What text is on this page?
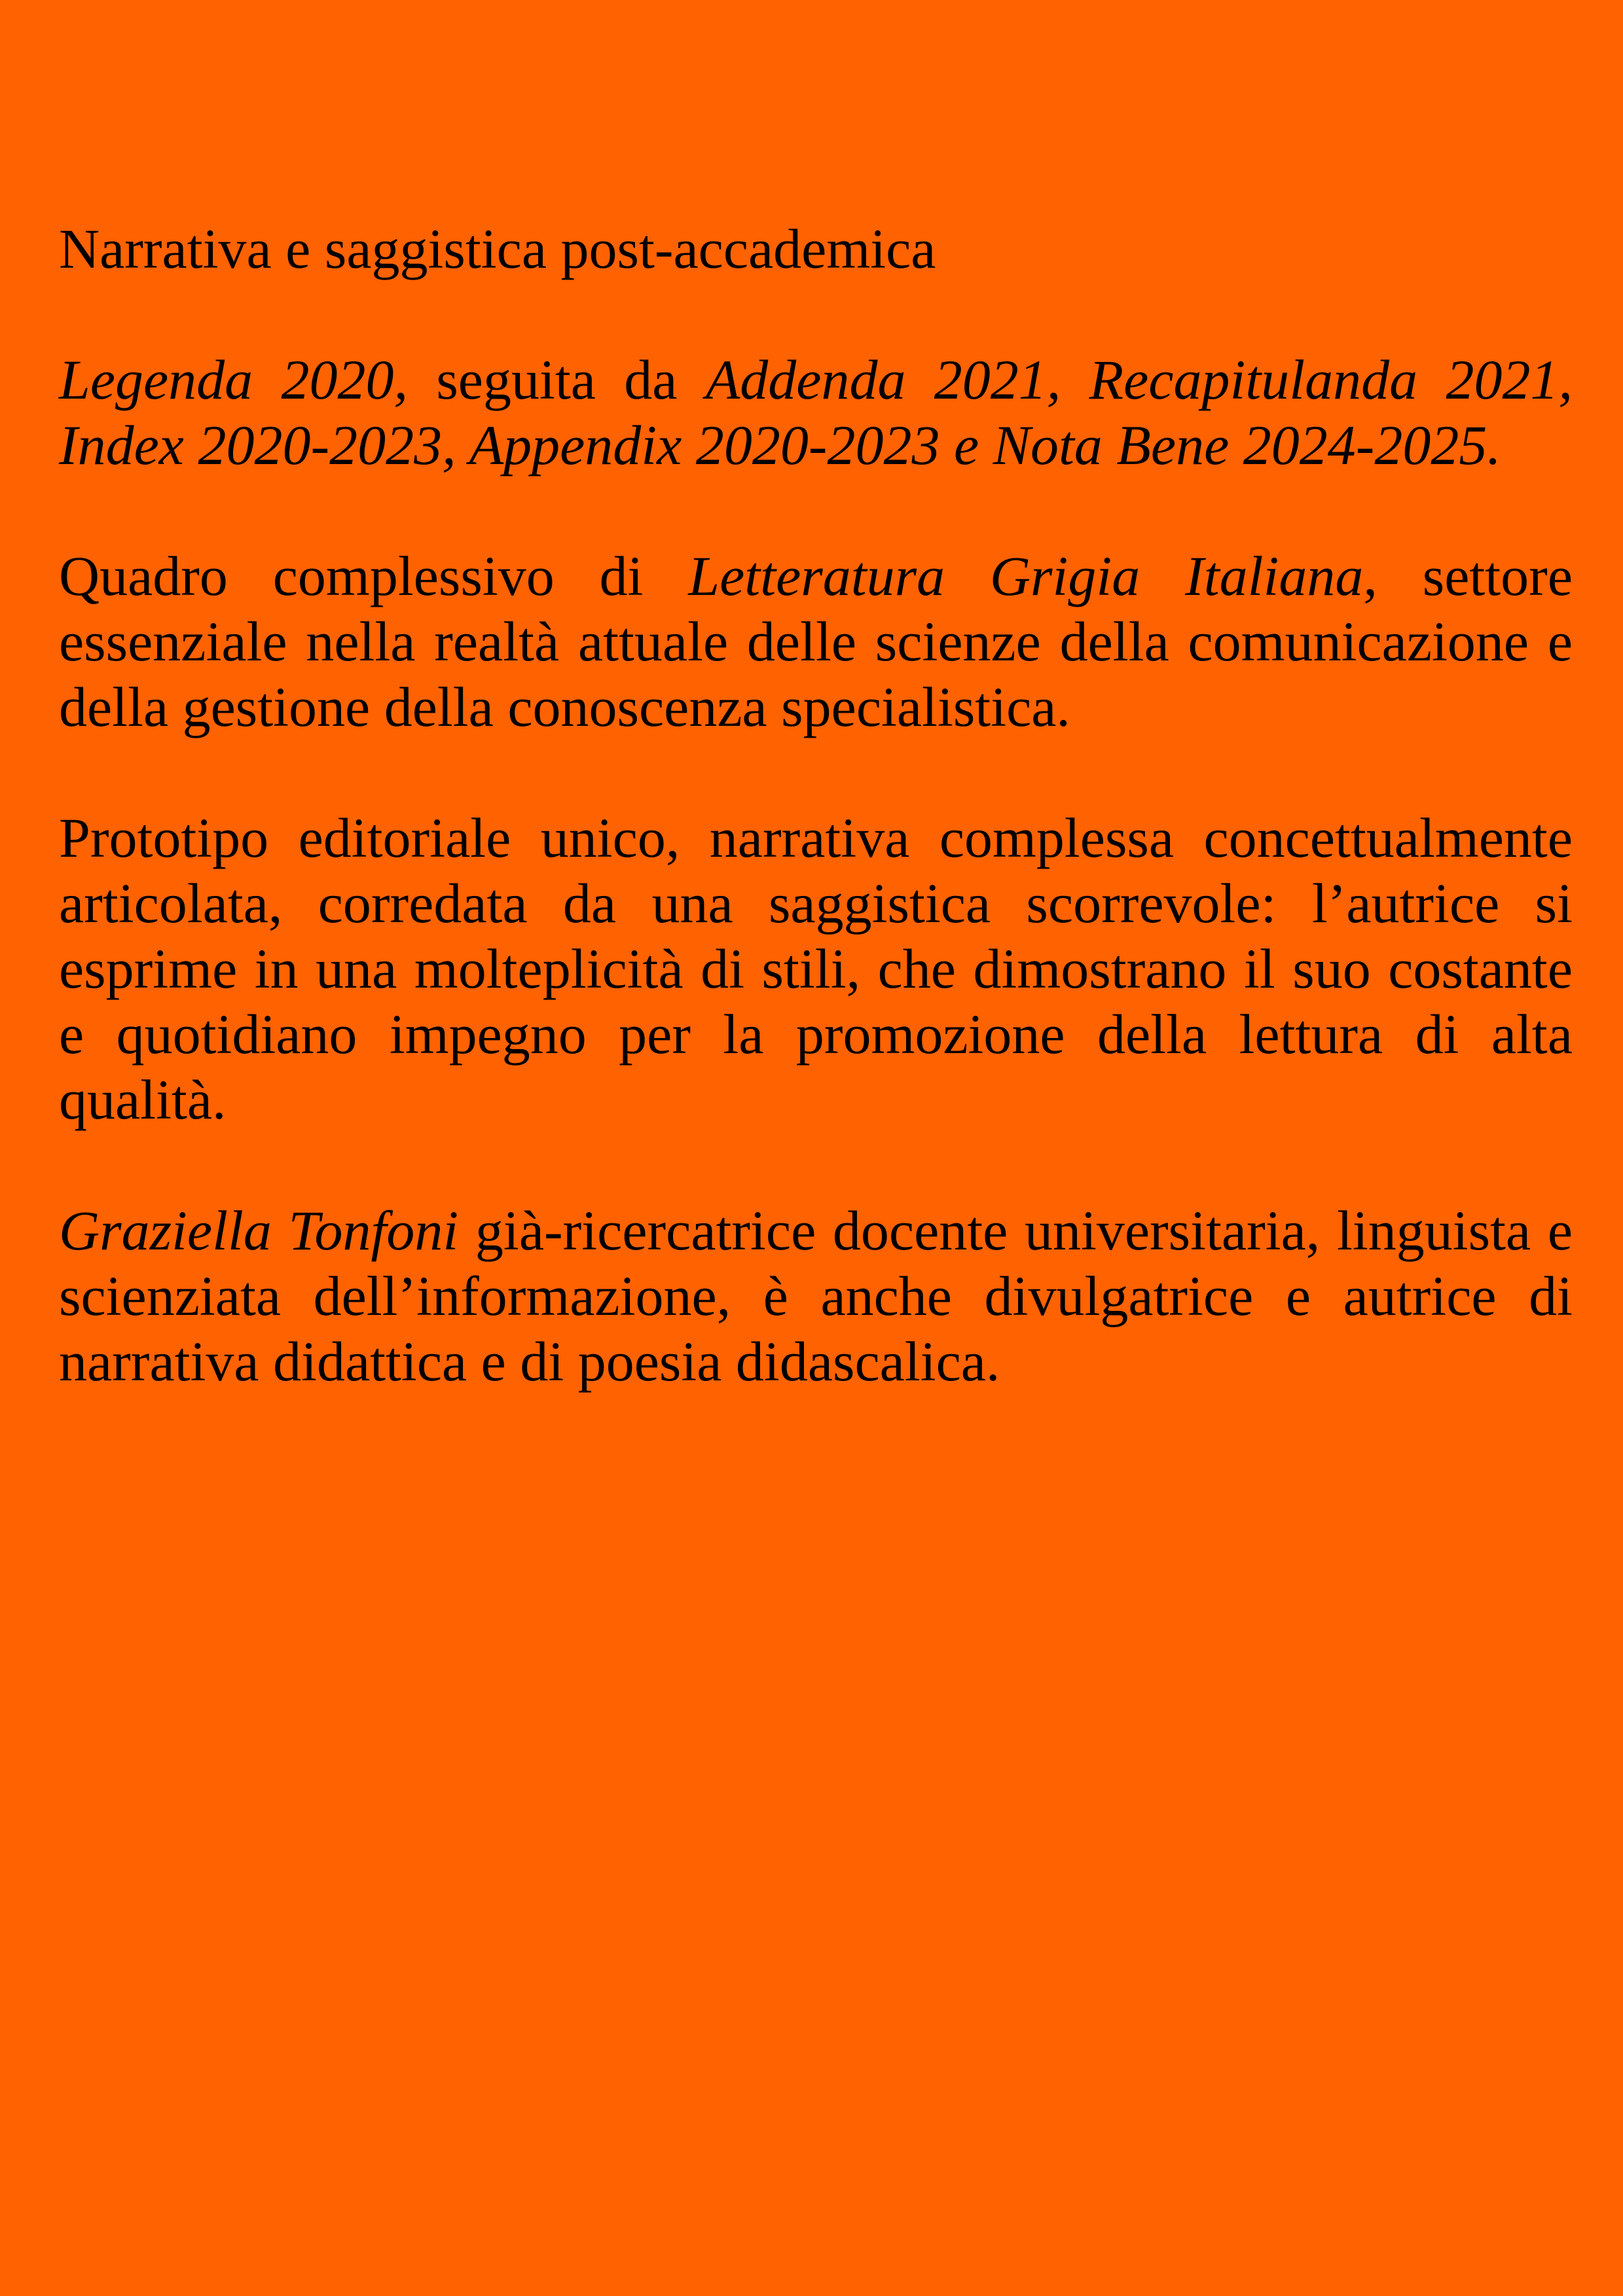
Narrativa e saggistica post-accademica

Legenda 2020, seguita da Addenda 2021, Recapitulanda 2021, Index 2020-2023, Appendix 2020-2023 e Nota Bene 2024-2025.

Quadro complessivo di Letteratura Grigia Italiana, settore essenziale nella realtà attuale delle scienze della comunicazione e della gestione della conoscenza specialistica.

Prototipo editoriale unico, narrativa complessa concettualmente articolata, corredata da una saggistica scorrevole: l’autrice si esprime in una molteplicità di stili, che dimostrano il suo costante e quotidiano impegno per la promozione della lettura di alta qualità.

Graziella Tonfoni già-ricercatrice docente universitaria, linguista e scienziata dell’informazione, è anche divulgatrice e autrice di narrativa didattica e di poesia didascalica.
